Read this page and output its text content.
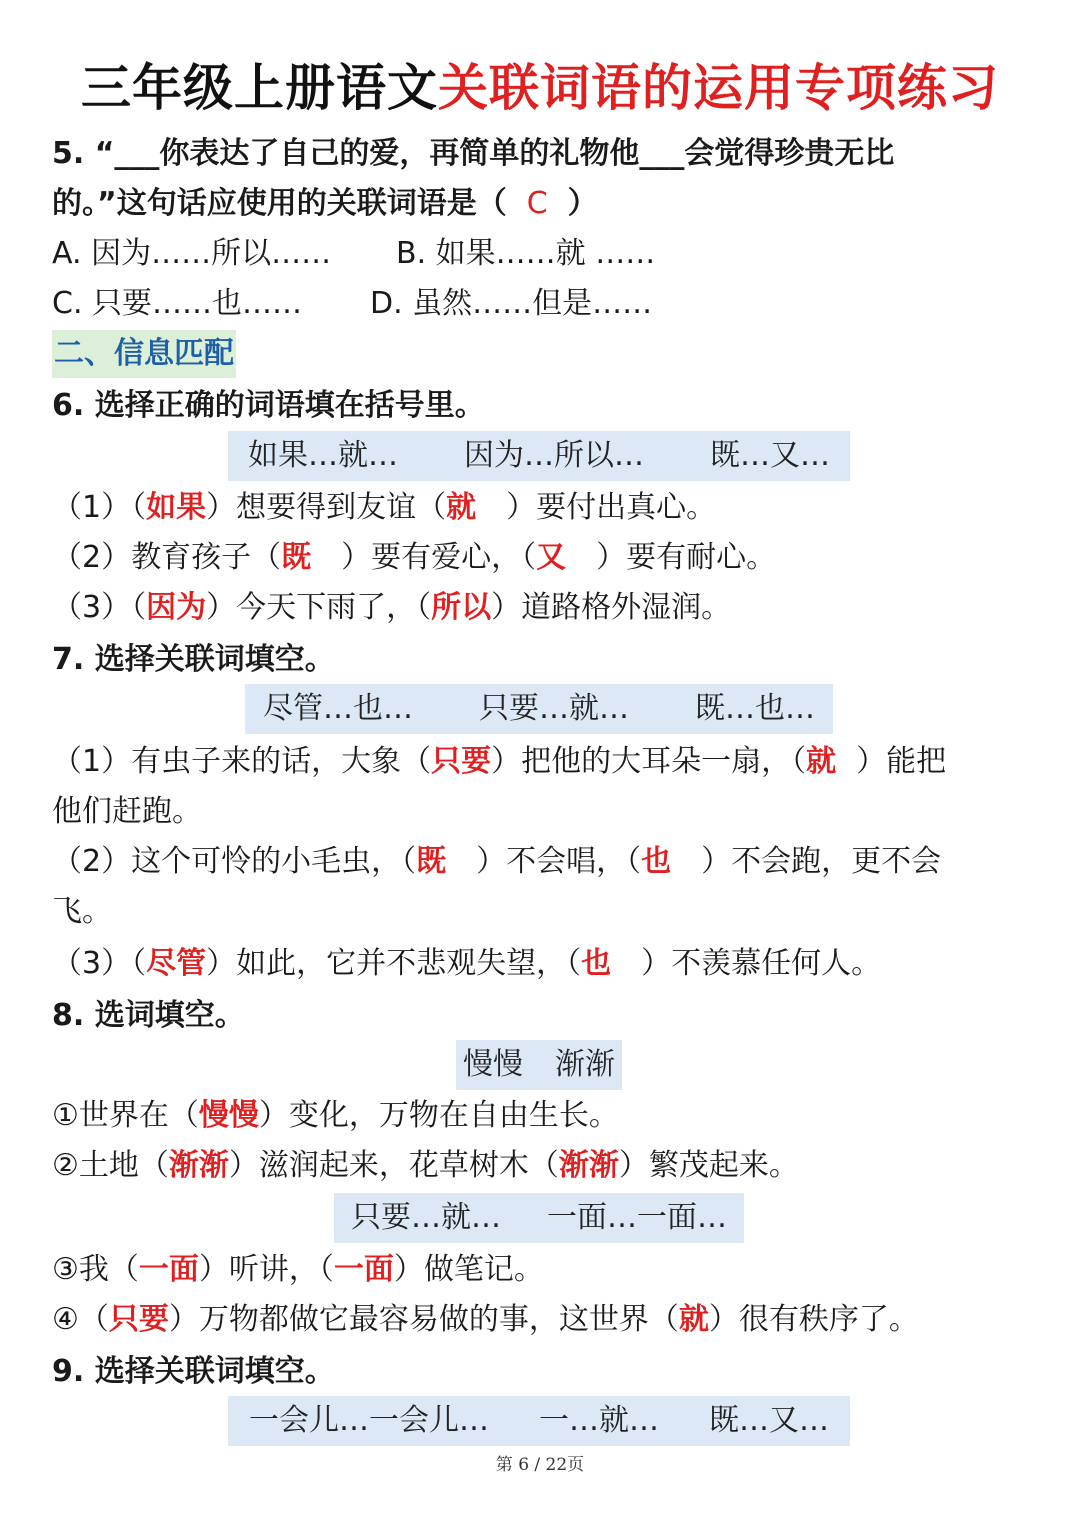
三年级上册语文关联词语的运用专项练习
5. “___你表达了自己的爱，再简单的礼物他___会觉得珍贵无比
的。”这句话应使用的关联词语是（ C ）
A. 因为……所以…… B. 如果……就 ……
C. 只要……也…… D. 虽然……但是……
二、信息匹配
6. 选择正确的词语填在括号里。
如果…就… 因为…所以… 既…又…
（1）（如果）想要得到友谊（就 ）要付出真心。
（2）教育孩子（既 ）要有爱心，（又 ）要有耐心。
（3）（因为）今天下雨了，（所以）道路格外湿润。
7. 选择关联词填空。
尽管…也… 只要…就… 既…也…
（1）有虫子来的话，大象（只要）把他的大耳朵一扇，（就 ）能把
他们赶跑。
（2）这个可怜的小毛虫，（既 ）不会唱，（也 ）不会跑，更不会
飞。
（3）（尽管）如此，它并不悲观失望，（也 ）不羡慕任何人。
8. 选词填空。
慢慢 渐渐
①世界在（慢慢）变化，万物在自由生长。
②土地（渐渐）滋润起来，花草树木（渐渐）繁茂起来。
只要…就… 一面…一面…
③我（一面）听讲，（一面）做笔记。
④（只要）万物都做它最容易做的事，这世界（就）很有秩序了。
9. 选择关联词填空。
一会儿…一会儿… 一…就… 既…又…
第 6 / 22页
